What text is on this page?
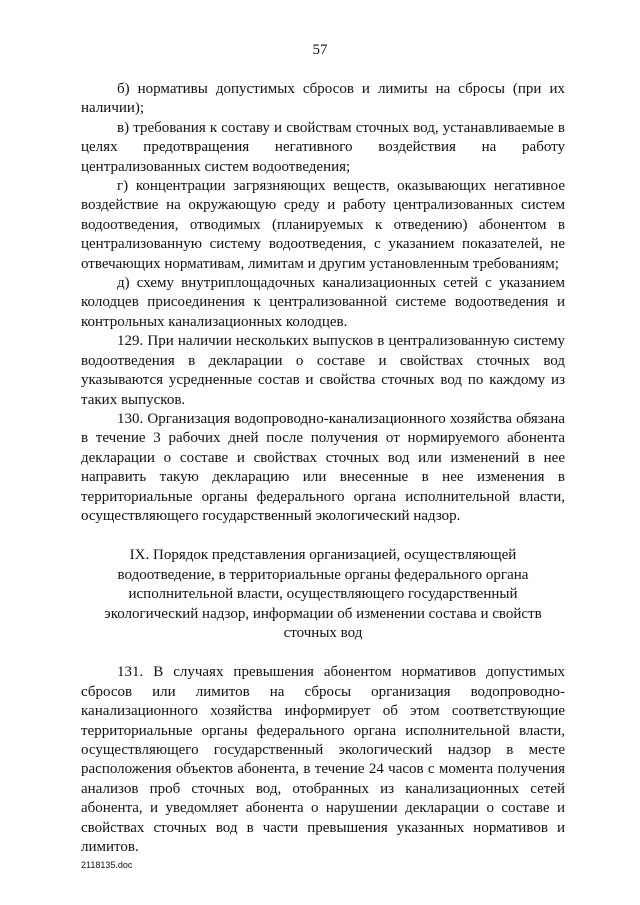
57

б) нормативы допустимых сбросов и лимиты на сбросы (при их наличии);

в) требования к составу и свойствам сточных вод, устанавливаемые в целях предотвращения негативного воздействия на работу централизованных систем водоотведения;

г) концентрации загрязняющих веществ, оказывающих негативное воздействие на окружающую среду и работу централизованных систем водоотведения, отводимых (планируемых к отведению) абонентом в централизованную систему водоотведения, с указанием показателей, не отвечающих нормативам, лимитам и другим установленным требованиям;

д) схему внутриплощадочных канализационных сетей с указанием колодцев присоединения к централизованной системе водоотведения и контрольных канализационных колодцев.

129. При наличии нескольких выпусков в централизованную систему водоотведения в декларации о составе и свойствах сточных вод указываются усредненные состав и свойства сточных вод по каждому из таких выпусков.

130. Организация водопроводно-канализационного хозяйства обязана в течение 3 рабочих дней после получения от нормируемого абонента декларации о составе и свойствах сточных вод или изменений в нее направить такую декларацию или внесенные в нее изменения в территориальные органы федерального органа исполнительной власти, осуществляющего государственный экологический надзор.

IX. Порядок представления организацией, осуществляющей водоотведение, в территориальные органы федерального органа исполнительной власти, осуществляющего государственный экологический надзор, информации об изменении состава и свойств сточных вод

131. В случаях превышения абонентом нормативов допустимых сбросов или лимитов на сбросы организация водопроводно-канализационного хозяйства информирует об этом соответствующие территориальные органы федерального органа исполнительной власти, осуществляющего государственный экологический надзор в месте расположения объектов абонента, в течение 24 часов с момента получения анализов проб сточных вод, отобранных из канализационных сетей абонента, и уведомляет абонента о нарушении декларации о составе и свойствах сточных вод в части превышения указанных нормативов и лимитов.

2118135.doc
